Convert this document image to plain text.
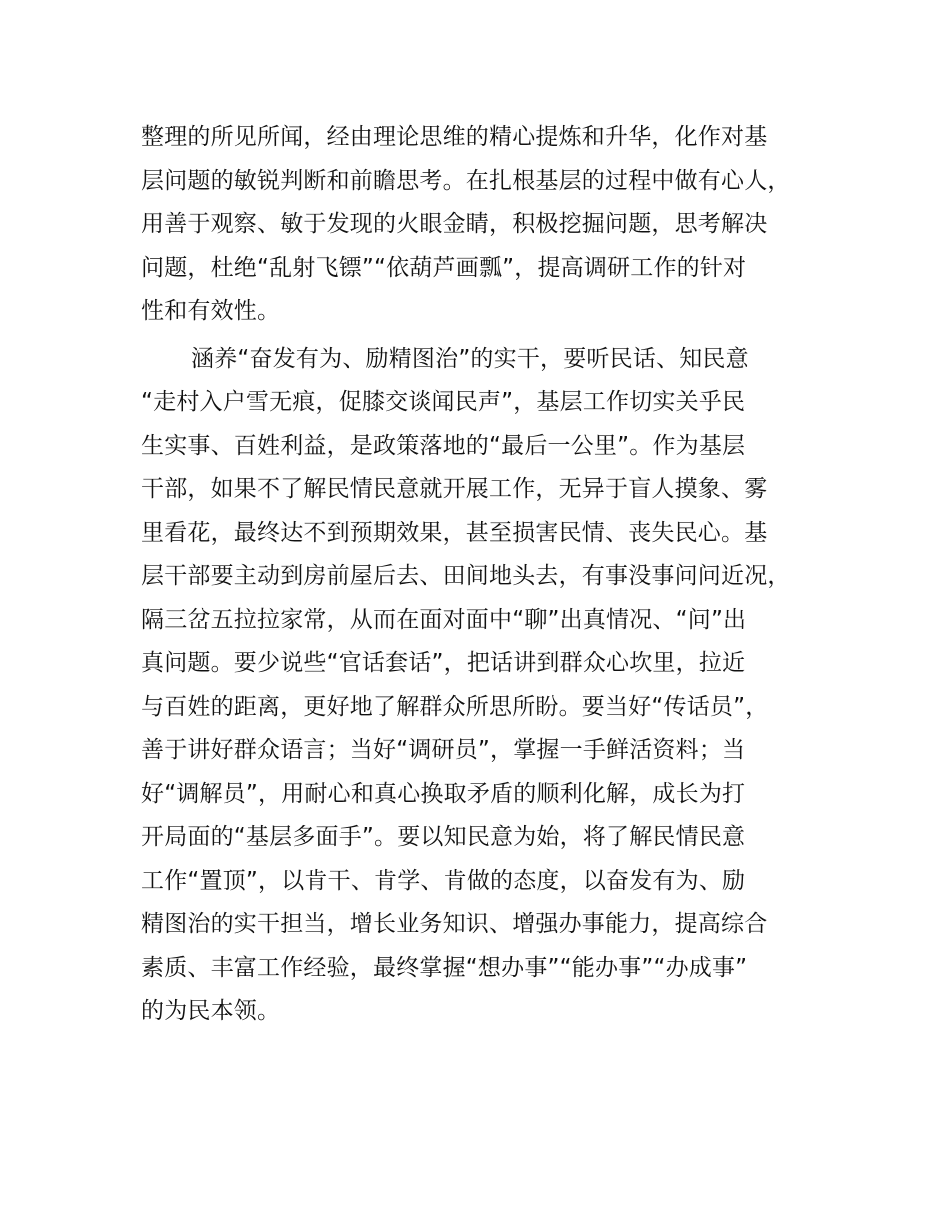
整理的所见所闻，经由理论思维的精心提炼和升华，化作对基
层问题的敏锐判断和前瞻思考。在扎根基层的过程中做有心人，
用善于观察、敏于发现的火眼金睛，积极挖掘问题，思考解决
问题，杜绝“乱射飞镖”“依葫芦画瓢”，提高调研工作的针对
性和有效性。
涵养“奋发有为、励精图治”的实干，要听民话、知民意
“走村入户雪无痕，促膝交谈闻民声”，基层工作切实关乎民
生实事、百姓利益，是政策落地的“最后一公里”。作为基层
干部，如果不了解民情民意就开展工作，无异于盲人摸象、雾
里看花，最终达不到预期效果，甚至损害民情、丧失民心。基
层干部要主动到房前屋后去、田间地头去，有事没事问问近况，
隔三岔五拉拉家常，从而在面对面中“聊”出真情况、“问”出
真问题。要少说些“官话套话”，把话讲到群众心坎里，拉近
与百姓的距离，更好地了解群众所思所盼。要当好“传话员”，
善于讲好群众语言；当好“调研员”，掌握一手鲜活资料；当
好“调解员”，用耐心和真心换取矛盾的顺利化解，成长为打
开局面的“基层多面手”。要以知民意为始，将了解民情民意
工作“置顶”，以肯干、肯学、肯做的态度，以奋发有为、励
精图治的实干担当，增长业务知识、增强办事能力，提高综合
素质、丰富工作经验，最终掌握“想办事”“能办事”“办成事”
的为民本领。
